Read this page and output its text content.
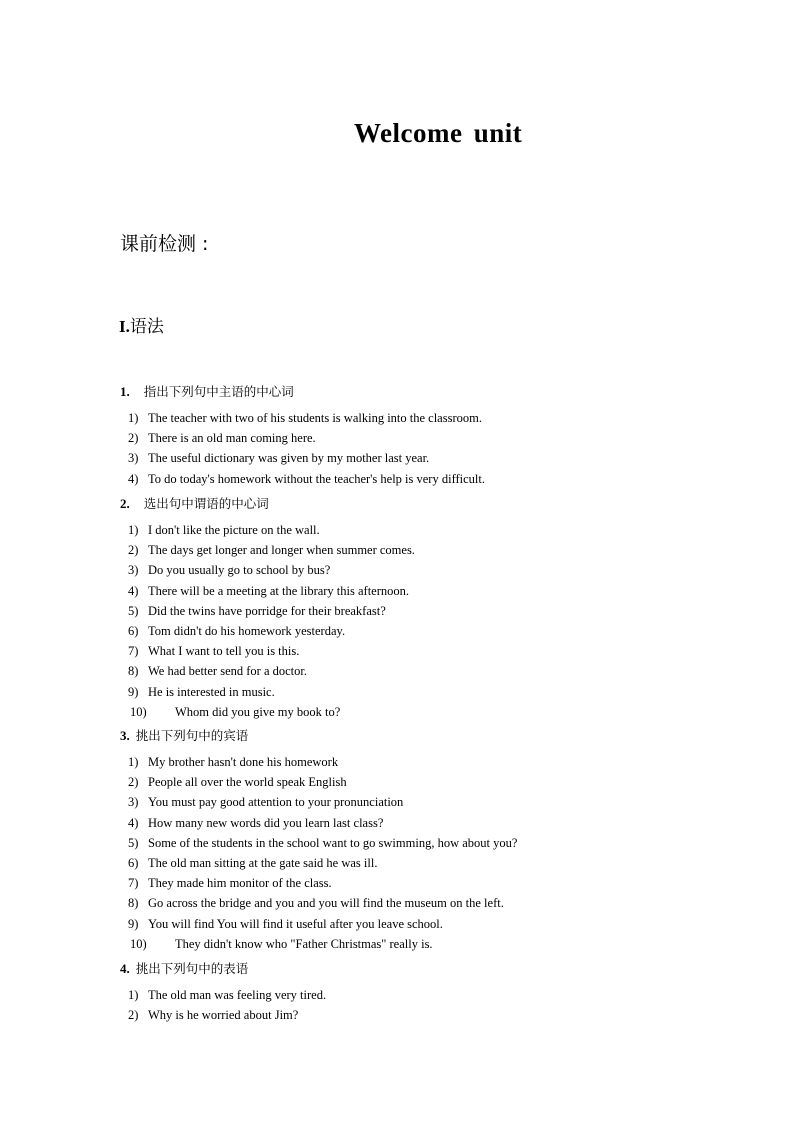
Welcome unit
课前检测 :
I.语法
1. 指出下列句中主语的中心词
1) The teacher with two of his students is walking into the classroom.
2) There is an old man coming here.
3) The useful dictionary was given by my mother last year.
4) To do today's homework without the teacher's help is very difficult.
2. 选出句中谓语的中心词
1) I don't like the picture on the wall.
2) The days get longer and longer when summer comes.
3) Do you usually go to school by bus?
4) There will be a meeting at the library this afternoon.
5) Did the twins have porridge for their breakfast?
6) Tom didn't do his homework yesterday.
7) What I want to tell you is this.
8) We had better send for a doctor.
9) He is interested in music.
10) Whom did you give my book to?
3. 挑出下列句中的宾语
1) My brother hasn't done his homework
2) People all over the world speak English
3) You must pay good attention to your pronunciation
4) How many new words did you learn last class?
5) Some of the students in the school want to go swimming, how about you?
6) The old man sitting at the gate said he was ill.
7) They made him monitor of the class.
8) Go across the bridge and you and you will find the museum on the left.
9) You will find You will find it useful after you leave school.
10) They didn't know who "Father Christmas" really is.
4. 挑出下列句中的表语
1) The old man was feeling very tired.
2) Why is he worried about Jim?
